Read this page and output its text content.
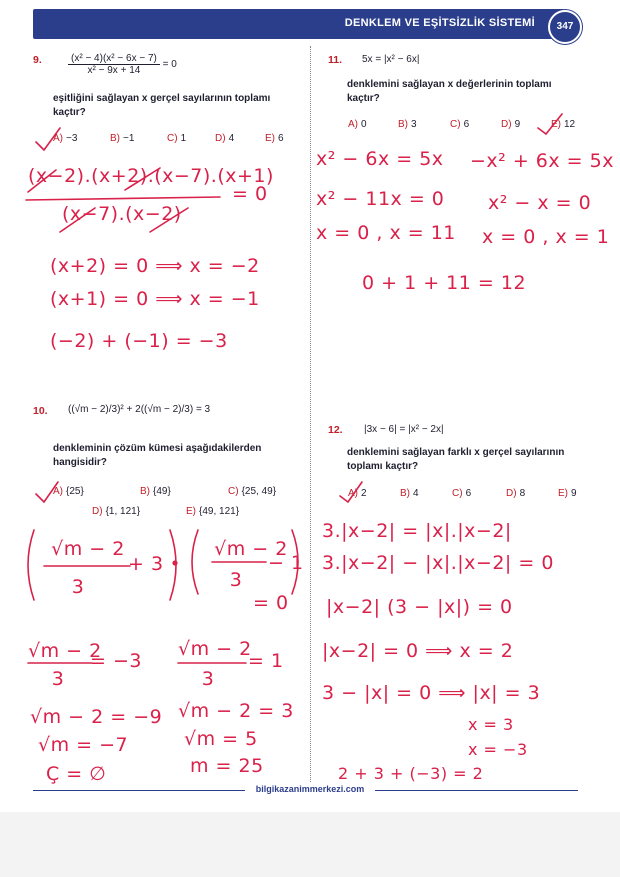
DENKLEM VE EŞİTSİZLİK SİSTEMİ	347
9.	$\frac{\text{(x² − 4)(x² − 6x − 7)}}{\text{x² − 9x + 14}} = 0$
eşitliğini sağlayan x gerçel sayılarının toplamı kaçtır?
A) −3	B) −1	C) 1	D) 4	E) 6
11. 5x = |x² − 6x|
denklemini sağlayan x değerlerinin toplamı kaçtır?
A) 0	B) 3	C) 6	D) 9	E) 12
10. ((√m − 2)/3)² + 2((√m − 2)/3) = 3
denkleminin çözüm kümesi aşağıdakilerden hangisidir?
A) {25}	B) {49}	C) {25, 49}
D) {1, 121}	E) {49, 121}
12. |3x − 6| = |x² − 2x|
denklemini sağlayan farklı x gerçel sayılarının toplamı kaçtır?
A) 2	B) 4	C) 6	D) 8	E) 9
(x−2).(x+2).(x−7).(x+1)
(x−7).(x−2)
= 0
(x+2) = 0 ⟹ x = −2
(x+1) = 0 ⟹ x = −1
(−2) + (−1) = −3
x² − 6x = 5x −x² + 6x = 5x
x² − 11x = 0 x² − x = 0
x = 0 , x = 11 x = 0 , x = 1
0 + 1 + 11 = 12
√m − 2
3
+ 3
√m − 2
3
− 1
= 0
√m − 2
3
= −3
√m − 2
3
= 1
√m − 2 = −9
√m = −7
Ç = ∅
√m − 2 = 3
√m = 5
m = 25
3.|x−2| = |x|.|x−2|
3.|x−2| − |x|.|x−2| = 0
|x−2| (3 − |x|) = 0
|x−2| = 0 ⟹ x = 2
3 − |x| = 0 ⟹ |x| = 3
x = 3
x = −3
2 + 3 + (−3) = 2
bilgikazanimmerkezi.com
